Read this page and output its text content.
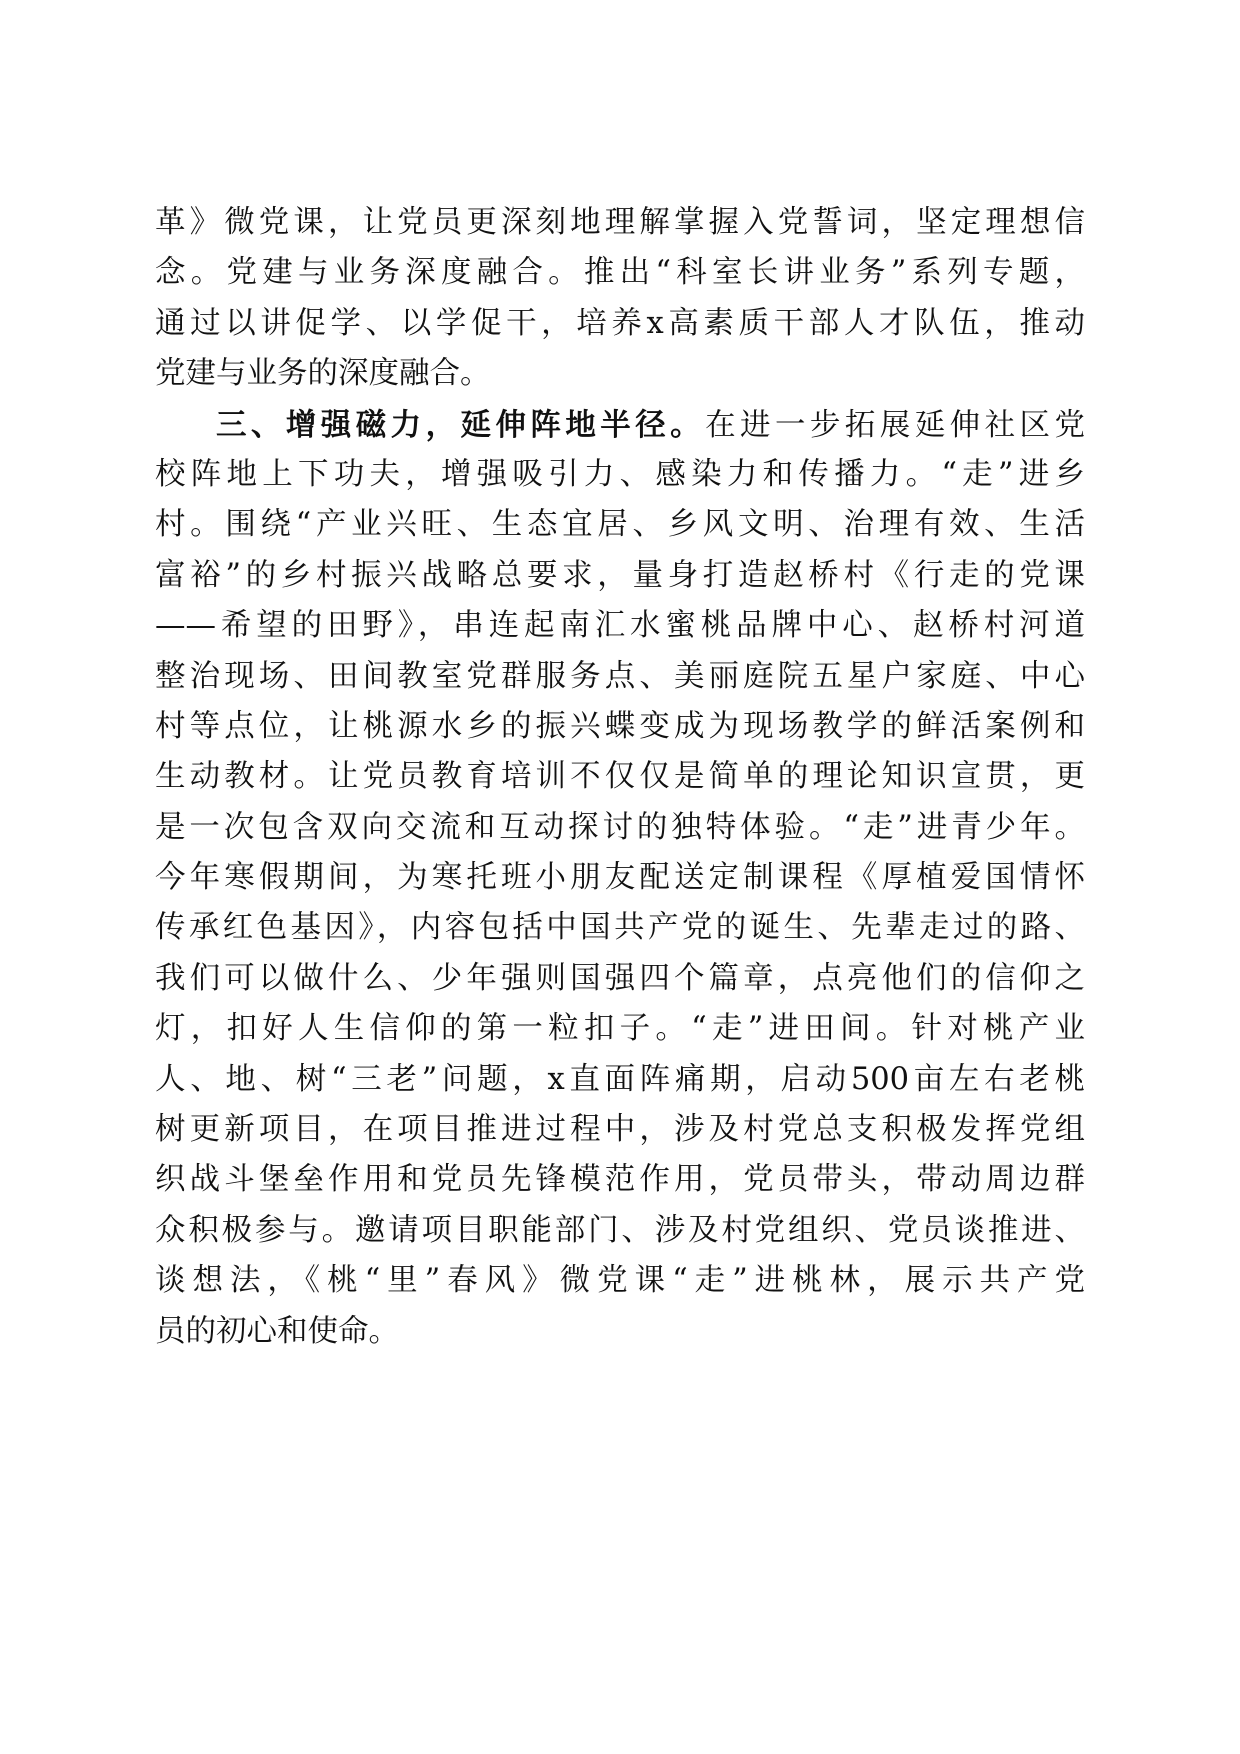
革》微党课，让党员更深刻地理解掌握入党誓词，坚定理想信
念。党建与业务深度融合。推出“科室长讲业务”系列专题，
通过以讲促学、以学促干，培养x高素质干部人才队伍，推动
党建与业务的深度融合。
三、增强磁力，延伸阵地半径。在进一步拓展延伸社区党
校阵地上下功夫，增强吸引力、感染力和传播力。“走”进乡
村。围绕“产业兴旺、生态宜居、乡风文明、治理有效、生活
富裕”的乡村振兴战略总要求，量身打造赵桥村《行走的党课
——希望的田野》，串连起南汇水蜜桃品牌中心、赵桥村河道
整治现场、田间教室党群服务点、美丽庭院五星户家庭、中心
村等点位，让桃源水乡的振兴蝶变成为现场教学的鲜活案例和
生动教材。让党员教育培训不仅仅是简单的理论知识宣贯，更
是一次包含双向交流和互动探讨的独特体验。“走”进青少年。
今年寒假期间，为寒托班小朋友配送定制课程《厚植爱国情怀
传承红色基因》，内容包括中国共产党的诞生、先辈走过的路、
我们可以做什么、少年强则国强四个篇章，点亮他们的信仰之
灯，扣好人生信仰的第一粒扣子。“走”进田间。针对桃产业
人、地、树“三老”问题，x直面阵痛期，启动500亩左右老桃
树更新项目，在项目推进过程中，涉及村党总支积极发挥党组
织战斗堡垒作用和党员先锋模范作用，党员带头，带动周边群
众积极参与。邀请项目职能部门、涉及村党组织、党员谈推进、
谈想法，《桃“里”春风》微党课“走”进桃林，展示共产党
员的初心和使命。
